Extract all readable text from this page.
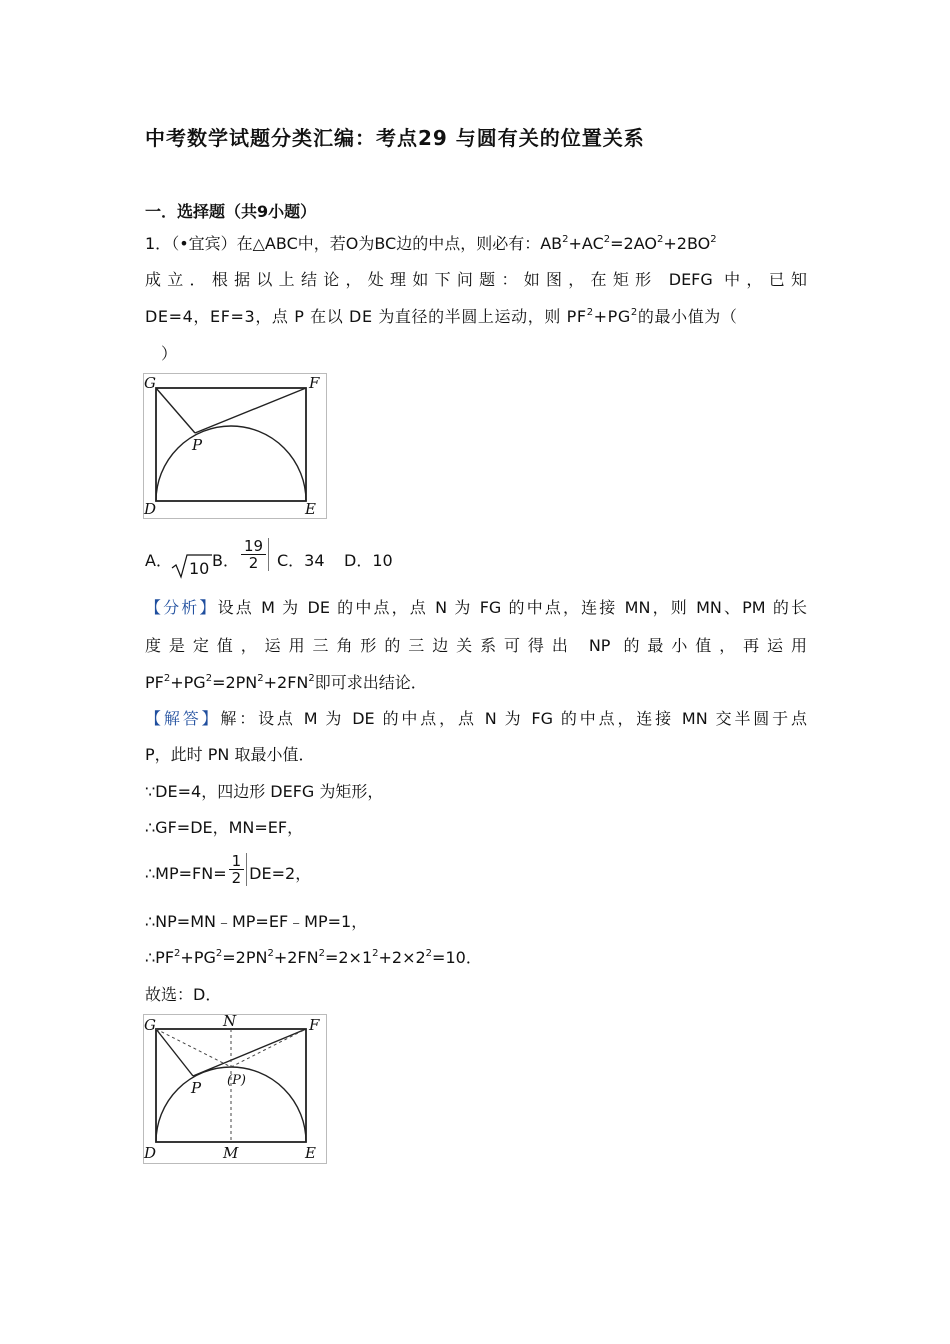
中考数学试题分类汇编：考点29 与圆有关的位置关系
一．选择题（共9小题）
1．（•宜宾）在△ABC中，若O为BC边的中点，则必有：$AB^2+AC^2=2AO^2+2BO^2$
成立．根据以上结论，处理如下问题：如图，在矩形 DEFG 中，已知
DE=4，EF=3，点 P 在以 DE 为直径的半圆上运动，则 $PF^2+PG^2$的最小值为（
　）
G	F
P
D	E
A． 10 B． $\frac{19}{2}$ C．34 D．10
【分析】设点 M 为 DE 的中点，点 N 为 FG 的中点，连接 MN，则 MN、PM 的长
度是定值，运用三角形的三边关系可得出 NP 的最小值，再运用
$PF^2+PG^2=2PN^2+2FN^2$即可求出结论．
【解答】解：设点 M 为 DE 的中点，点 N 为 FG 的中点，连接 MN 交半圆于点
P，此时 PN 取最小值．
∵DE=4，四边形 DEFG 为矩形，
∴GF=DE，MN=EF，
∴MP=FN= $\frac{1}{2} DE=2$，
∴NP=MN﹣MP=EF﹣MP=1，
$\therefore PF^2+PG^2=2PN^2+2FN^2=2\times 1^2+2\times 2^2=10$．
故选：D．
G	N	F
P (P)
D	M	E
